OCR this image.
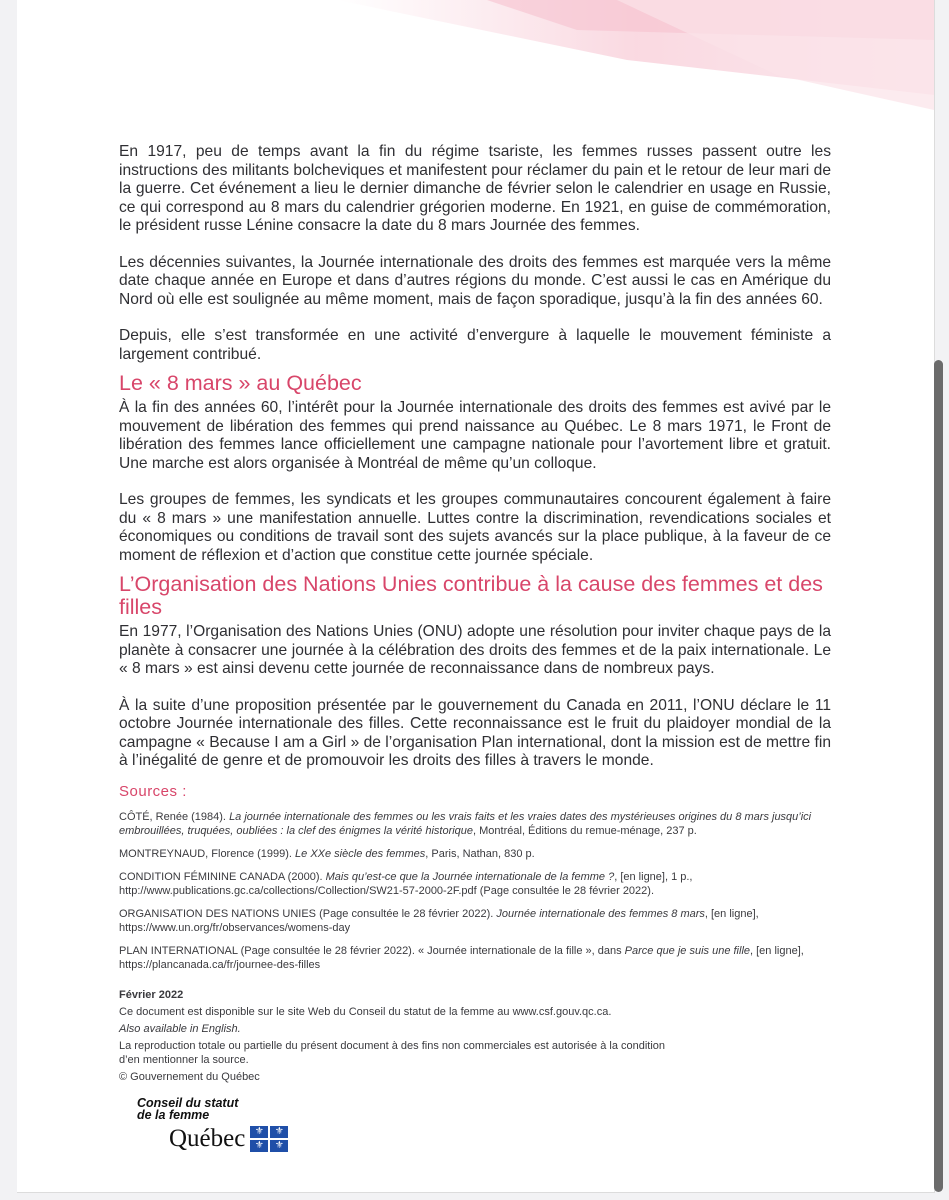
En 1917, peu de temps avant la fin du régime tsariste, les femmes russes passent outre les instructions des militants bolcheviques et manifestent pour réclamer du pain et le retour de leur mari de la guerre. Cet événement a lieu le dernier dimanche de février selon le calendrier en usage en Russie, ce qui correspond au 8 mars du calendrier grégorien moderne. En 1921, en guise de commémoration, le président russe Lénine consacre la date du 8 mars Journée des femmes.

Les décennies suivantes, la Journée internationale des droits des femmes est marquée vers la même date chaque année en Europe et dans d’autres régions du monde. C’est aussi le cas en Amérique du Nord où elle est soulignée au même moment, mais de façon sporadique, jusqu’à la fin des années 60.

Depuis, elle s’est transformée en une activité d’envergure à laquelle le mouvement féministe a largement contribué.

Le « 8 mars » au Québec

À la fin des années 60, l’intérêt pour la Journée internationale des droits des femmes est avivé par le mouvement de libération des femmes qui prend naissance au Québec. Le 8 mars 1971, le Front de libération des femmes lance officiellement une campagne nationale pour l’avortement libre et gratuit. Une marche est alors organisée à Montréal de même qu’un colloque.

Les groupes de femmes, les syndicats et les groupes communautaires concourent également à faire du « 8 mars » une manifestation annuelle. Luttes contre la discrimination, revendications sociales et économiques ou conditions de travail sont des sujets avancés sur la place publique, à la faveur de ce moment de réflexion et d’action que constitue cette journée spéciale.

L’Organisation des Nations Unies contribue à la cause des femmes et des filles

En 1977, l’Organisation des Nations Unies (ONU) adopte une résolution pour inviter chaque pays de la planète à consacrer une journée à la célébration des droits des femmes et de la paix internationale. Le « 8 mars » est ainsi devenu cette journée de reconnaissance dans de nombreux pays.

À la suite d’une proposition présentée par le gouvernement du Canada en 2011, l’ONU déclare le 11 octobre Journée internationale des filles. Cette reconnaissance est le fruit du plaidoyer mondial de la campagne « Because I am a Girl » de l’organisation Plan international, dont la mission est de mettre fin à l’inégalité de genre et de promouvoir les droits des filles à travers le monde.

Sources :
CÔTÉ, Renée (1984). La journée internationale des femmes ou les vrais faits et les vraies dates des mystérieuses origines du 8 mars jusqu’ici embrouillées, truquées, oubliées : la clef des énigmes la vérité historique, Montréal, Éditions du remue-ménage, 237 p.
MONTREYNAUD, Florence (1999). Le XXe siècle des femmes, Paris, Nathan, 830 p.
CONDITION FÉMININE CANADA (2000). Mais qu’est-ce que la Journée internationale de la femme ?, [en ligne], 1 p., http://www.publications.gc.ca/collections/Collection/SW21-57-2000-2F.pdf (Page consultée le 28 février 2022).
ORGANISATION DES NATIONS UNIES (Page consultée le 28 février 2022). Journée internationale des femmes 8 mars, [en ligne], https://www.un.org/fr/observances/womens-day
PLAN INTERNATIONAL (Page consultée le 28 février 2022). « Journée internationale de la fille », dans Parce que je suis une fille, [en ligne], https://plancanada.ca/fr/journee-des-filles
Février 2022
Ce document est disponible sur le site Web du Conseil du statut de la femme au www.csf.gouv.qc.ca.
Also available in English.
La reproduction totale ou partielle du présent document à des fins non commerciales est autorisée à la condition d’en mentionner la source.
© Gouvernement du Québec
Conseil du statut
de la femme
Québec ⚜	⚜
⚜	⚜
